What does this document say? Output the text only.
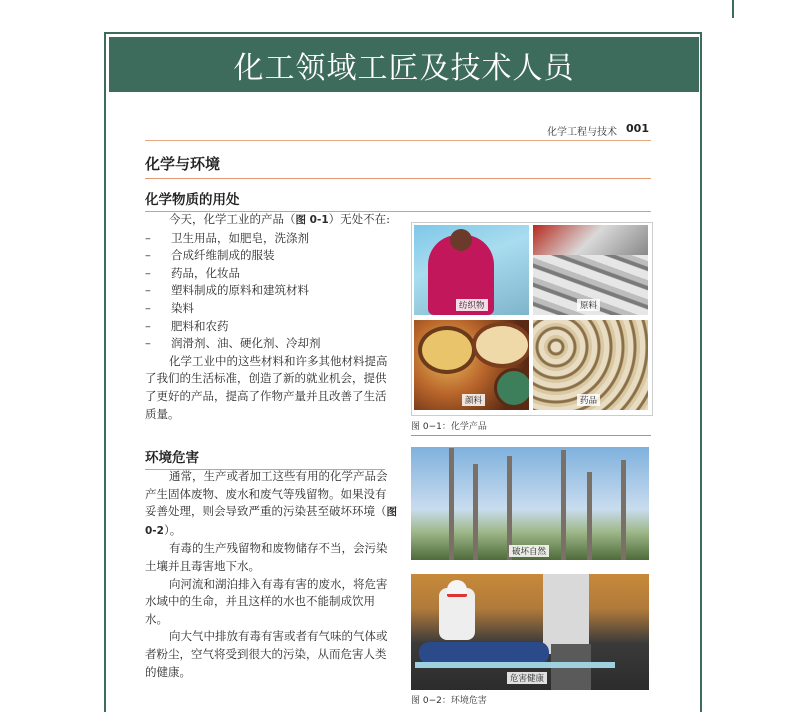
化工领域工匠及技术人员
化学工程与技术 001
化学与环境
化学物质的用处

今天，化学工业的产品（图 0-1）无处不在:

– 卫生用品，如肥皂，洗涤剂
– 合成纤维制成的服装
– 药品，化妆品
– 塑料制成的原料和建筑材料
– 染料
– 肥料和农药
– 润滑剂、油、硬化剂、冷却剂

化学工业中的这些材料和许多其他材料提高了我们的生活标准，创造了新的就业机会，提供了更好的产品，提高了作物产量并且改善了生活质量。

纺织物	原料
颜料	药品
图 0−1：化学产品
环境危害

通常，生产或者加工这些有用的化学产品会产生固体废物、废水和废气等残留物。如果没有妥善处理，则会导致严重的污染甚至破坏环境（图 0-2）。

有毒的生产残留物和废物储存不当，会污染土壤并且毒害地下水。

向河流和湖泊排入有毒有害的废水，将危害水域中的生命，并且这样的水也不能制成饮用水。

向大气中排放有毒有害或者有气味的气体或者粉尘，空气将受到很大的污染，从而危害人类的健康。

破坏自然
危害健康
图 0−2：环境危害
